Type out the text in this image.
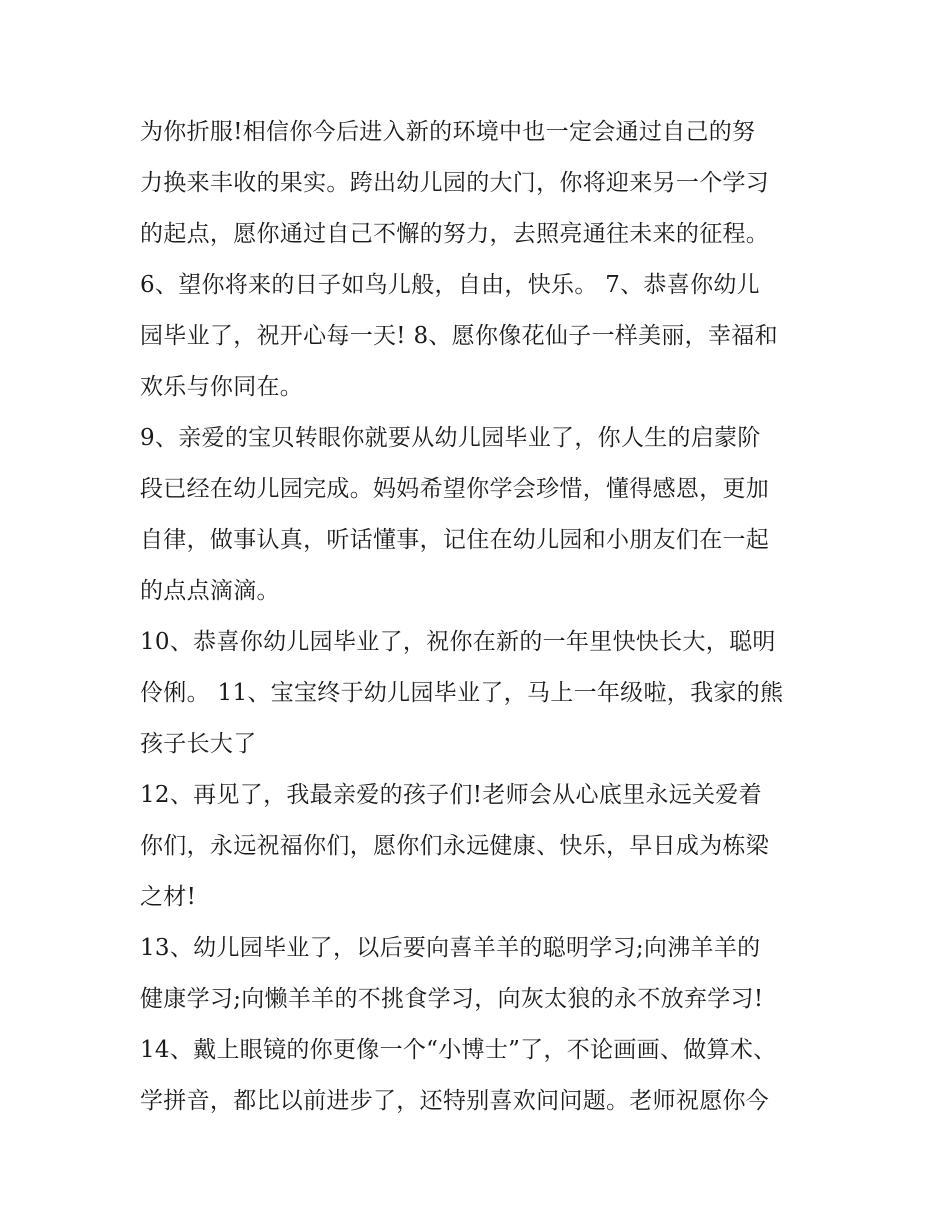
为你折服!相信你今后进入新的环境中也一定会通过自己的努
力换来丰收的果实。跨出幼儿园的大门，你将迎来另一个学习
的起点，愿你通过自己不懈的努力，去照亮通往未来的征程。
6、望你将来的日子如鸟儿般，自由，快乐。 7、恭喜你幼儿
园毕业了，祝开心每一天! 8、愿你像花仙子一样美丽，幸福和
欢乐与你同在。
9、亲爱的宝贝转眼你就要从幼儿园毕业了，你人生的启蒙阶
段已经在幼儿园完成。妈妈希望你学会珍惜，懂得感恩，更加
自律，做事认真，听话懂事，记住在幼儿园和小朋友们在一起
的点点滴滴。
10、恭喜你幼儿园毕业了，祝你在新的一年里快快长大，聪明
伶俐。 11、宝宝终于幼儿园毕业了，马上一年级啦，我家的熊
孩子长大了
12、再见了，我最亲爱的孩子们!老师会从心底里永远关爱着
你们，永远祝福你们，愿你们永远健康、快乐，早日成为栋梁
之材!
13、幼儿园毕业了，以后要向喜羊羊的聪明学习;向沸羊羊的
健康学习;向懒羊羊的不挑食学习，向灰太狼的永不放弃学习!
14、戴上眼镜的你更像一个“小博士”了，不论画画、做算术、
学拼音，都比以前进步了，还特别喜欢问问题。老师祝愿你今
